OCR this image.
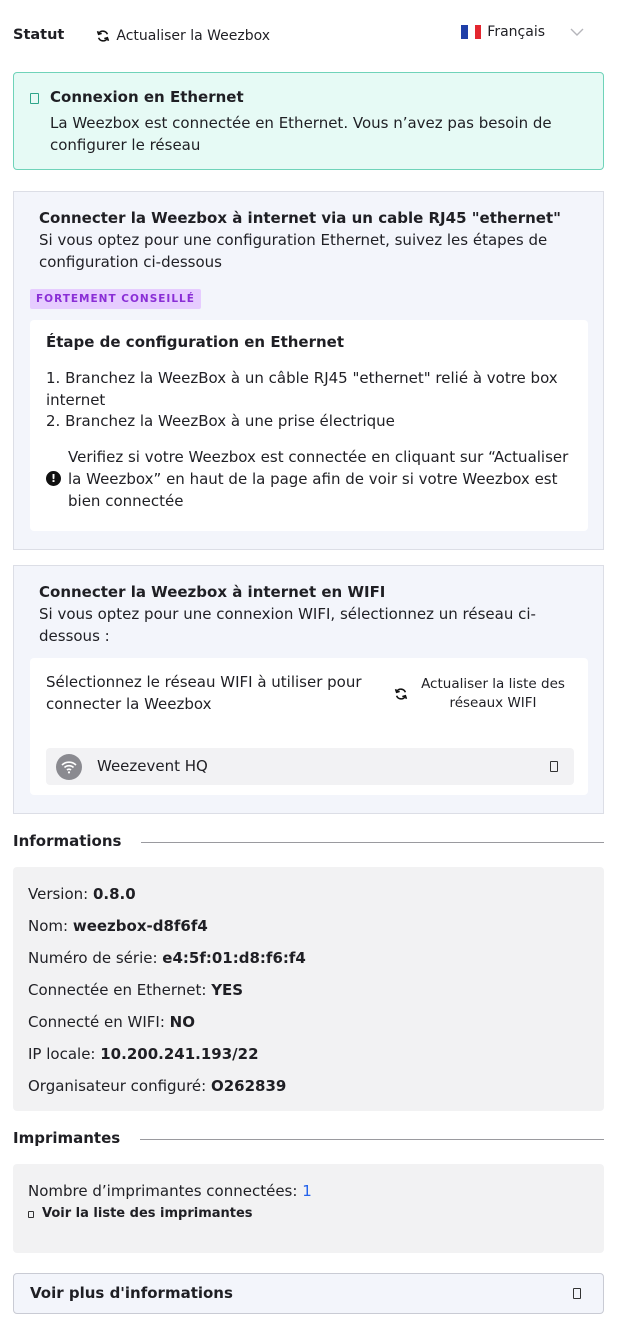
Statut	Actualiser la Weezbox	Français
Connexion en Ethernet
La Weezbox est connectée en Ethernet. Vous n’avez pas besoin de configurer le réseau
Connecter la Weezbox à internet via un cable RJ45 "ethernet"
Si vous optez pour une configuration Ethernet, suivez les étapes de configuration ci-dessous
FORTEMENT CONSEILLÉ
Étape de configuration en Ethernet
1. Branchez la WeezBox à un câble RJ45 "ethernet" relié à votre box internet
2. Branchez la WeezBox à une prise électrique
!
Verifiez si votre Weezbox est connectée en cliquant sur “Actualiser la Weezbox” en haut de la page afin de voir si votre Weezbox est bien connectée
Connecter la Weezbox à internet en WIFI
Si vous optez pour une connexion WIFI, sélectionnez un réseau ci-dessous :
Sélectionnez le réseau WIFI à utiliser pour connecter la Weezbox
Actualiser la liste des réseaux WIFI
Weezevent HQ
Informations
Version: 0.8.0
Nom: weezbox-d8f6f4
Numéro de série: e4:5f:01:d8:f6:f4
Connectée en Ethernet: YES
Connecté en WIFI: NO
IP locale: 10.200.241.193/22
Organisateur configuré: O262839
Imprimantes
Nombre d’imprimantes connectées: 1
Voir la liste des imprimantes
Voir plus d'informations
